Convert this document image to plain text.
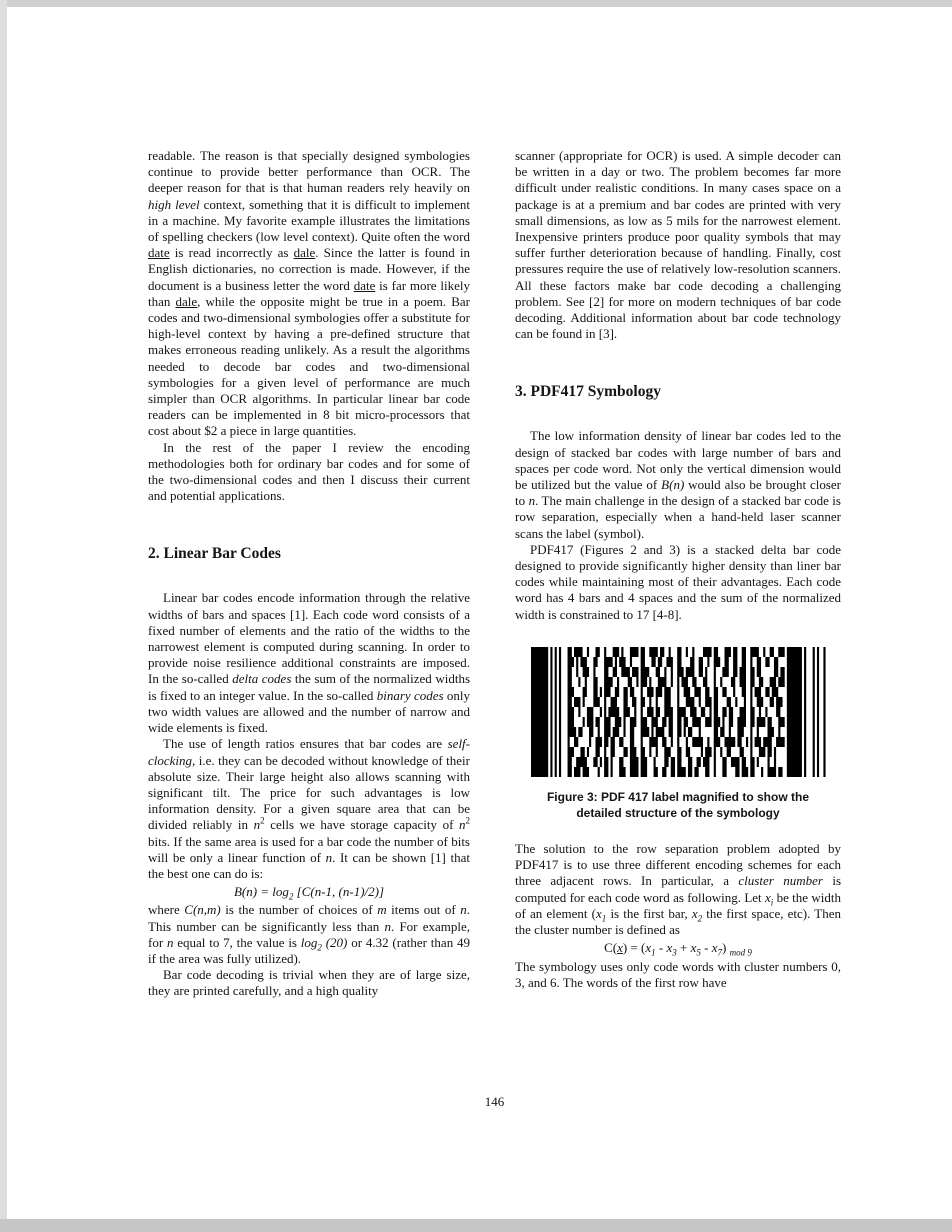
readable. The reason is that specially designed symbologies continue to provide better performance than OCR. The deeper reason for that is that human readers rely heavily on high level context, something that it is difficult to implement in a machine. My favorite example illustrates the limitations of spelling checkers (low level context). Quite often the word date is read incorrectly as dale. Since the latter is found in English dictionaries, no correction is made. However, if the document is a business letter the word date is far more likely than dale, while the opposite might be true in a poem. Bar codes and two-dimensional symbologies offer a substitute for high-level context by having a pre-defined structure that makes erroneous reading unlikely. As a result the algorithms needed to decode bar codes and two-dimensional symbologies for a given level of performance are much simpler than OCR algorithms. In particular linear bar code readers can be implemented in 8 bit micro-processors that cost about $2 a piece in large quantities.

In the rest of the paper I review the encoding methodologies both for ordinary bar codes and for some of the two-dimensional codes and then I discuss their current and potential applications.

2. Linear Bar Codes

Linear bar codes encode information through the relative widths of bars and spaces [1]. Each code word consists of a fixed number of elements and the ratio of the widths to the narrowest element is computed during scanning. In order to provide noise resilience additional constraints are imposed. In the so-called delta codes the sum of the normalized widths is fixed to an integer value. In the so-called binary codes only two width values are allowed and the number of narrow and wide elements is fixed.

The use of length ratios ensures that bar codes are self-clocking, i.e. they can be decoded without knowledge of their absolute size. Their large height also allows scanning with significant tilt. The price for such advantages is low information density. For a given square area that can be divided reliably in $n^2$ cells we have storage capacity of $n^2$ bits. If the same area is used for a bar code the number of bits will be only a linear function of n. It can be shown [1] that the best one can do is:

$B(n) = \log_2 [C(n-1$, (n-1)/2)]

where C(n,m) is the number of choices of m items out of n. This number can be significantly less than n. For example, for n equal to 7, the value is $\log_2 (20)$ or 4.32 (rather than 49 if the area was fully utilized).

Bar code decoding is trivial when they are of large size, they are printed carefully, and a high quality

scanner (appropriate for OCR) is used. A simple decoder can be written in a day or two. The problem becomes far more difficult under realistic conditions. In many cases space on a package is at a premium and bar codes are printed with very small dimensions, as low as 5 mils for the narrowest element. Inexpensive printers produce poor quality symbols that may suffer further deterioration because of handling. Finally, cost pressures require the use of relatively low-resolution scanners. All these factors make bar code decoding a challenging problem. See [2] for more on modern techniques of bar code decoding. Additional information about bar code technology can be found in [3].

3. PDF417 Symbology

The low information density of linear bar codes led to the design of stacked bar codes with large number of bars and spaces per code word. Not only the vertical dimension would be utilized but the value of B(n) would also be brought closer to n. The main challenge in the design of a stacked bar code is row separation, especially when a hand-held laser scanner scans the label (symbol).

PDF417 (Figures 2 and 3) is a stacked delta bar code designed to provide significantly higher density than liner bar codes while maintaining most of their advantages. Each code word has 4 bars and 4 spaces and the sum of the normalized width is constrained to 17 [4-8].

Figure 3: PDF 417 label magnified to show the detailed structure of the symbology

The solution to the row separation problem adopted by PDF417 is to use three different encoding schemes for each three adjacent rows. In particular, a cluster number is computed for each code word as following. Let $x_i$ be the width of an element ($x_1$ is the first bar, $x_2$ the first space, etc). Then the cluster number is defined as

$C(x) = (x_1 - x_3 + x_5 - x_7)$ $_{mod 9}$

The symbology uses only code words with cluster numbers 0, 3, and 6. The words of the first row have

146
